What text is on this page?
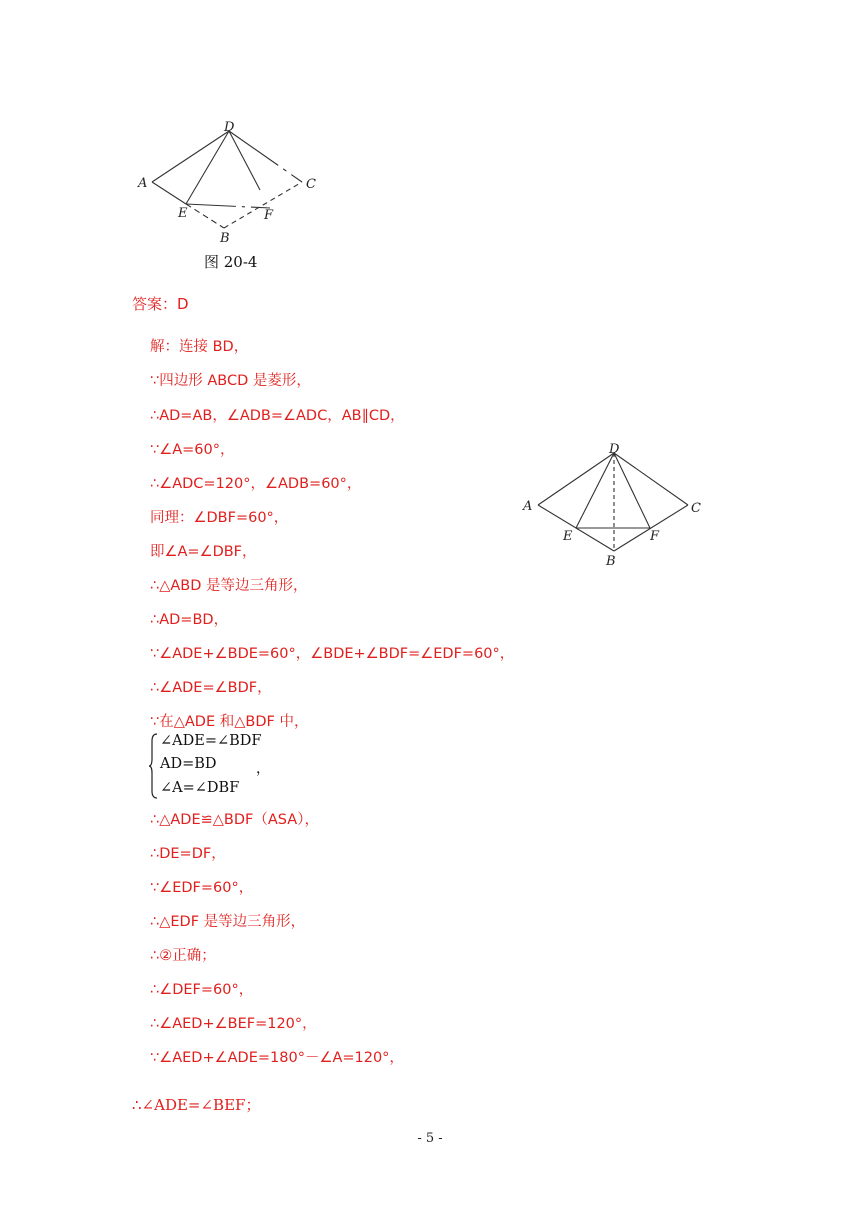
D
A	C
E	F
B
图 20-4
答案：D
解：连接 BD，
∵四边形 ABCD 是菱形，
∴AD=AB，∠ADB=∠ADC，AB∥CD，
∵∠A=60°，
∴∠ADC=120°，∠ADB=60°，
同理：∠DBF=60°，
即∠A=∠DBF，
∴△ABD 是等边三角形，
∴AD=BD，
∵∠ADE+∠BDE=60°，∠BDE+∠BDF=∠EDF=60°，
∴∠ADE=∠BDF，
∵在△ADE 和△BDF 中，
∠ADE=∠BDF
AD=BD
∠A=∠DBF
，
∴△ADE≌△BDF（ASA），
∴DE=DF，
∵∠EDF=60°，
∴△EDF 是等边三角形，
∴②正确；
∴∠DEF=60°，
∴∠AED+∠BEF=120°，
∵∠AED+∠ADE=180°－∠A=120°，
D
A	C
E	F
B
∴∠ADE=∠BEF；
- 5 -
